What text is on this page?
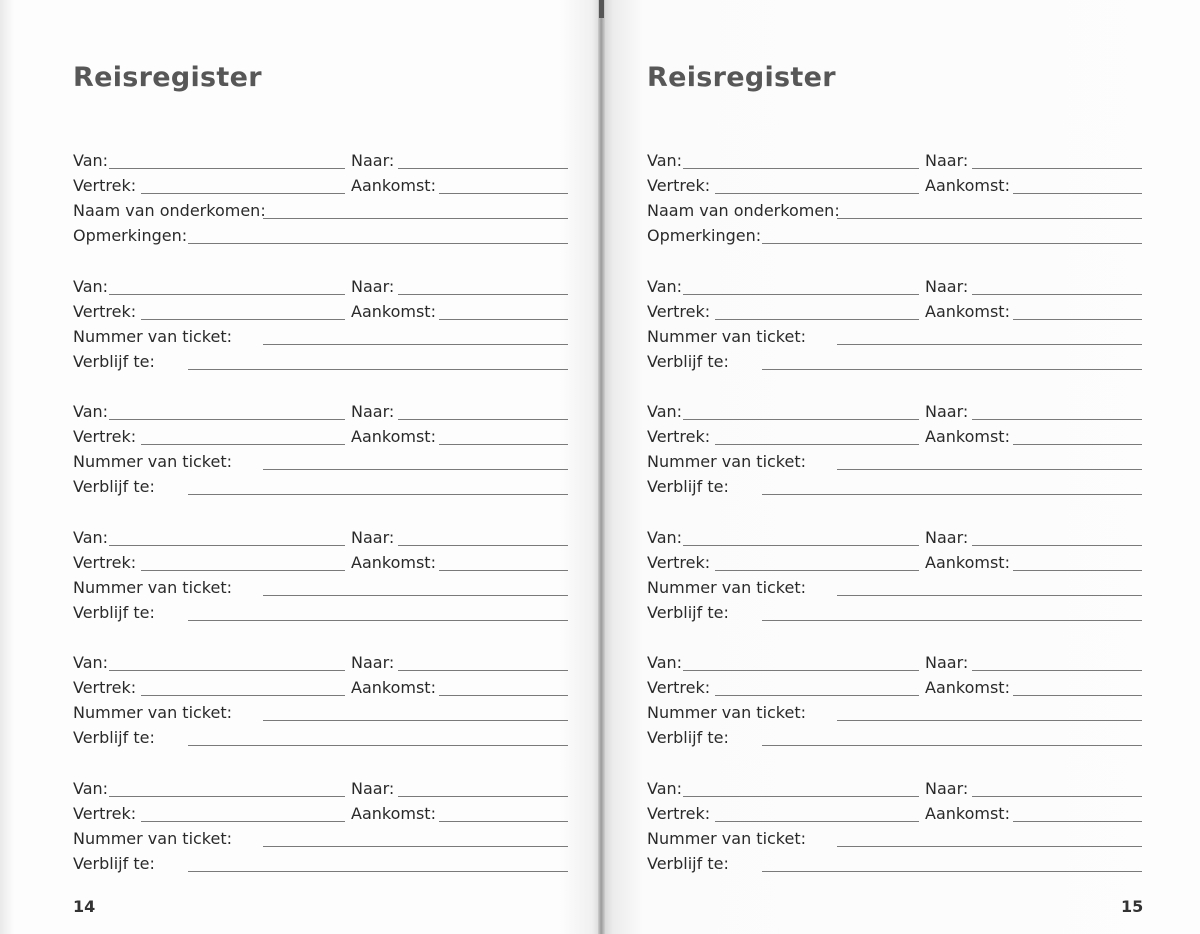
Reisregister
Van:	Naar:
Vertrek:	Aankomst:
Naam van onderkomen:
Opmerkingen:
Van:	Naar:
Vertrek:	Aankomst:
Nummer van ticket:
Verblijf te:
Van:	Naar:
Vertrek:	Aankomst:
Nummer van ticket:
Verblijf te:
Van:	Naar:
Vertrek:	Aankomst:
Nummer van ticket:
Verblijf te:
Van:	Naar:
Vertrek:	Aankomst:
Nummer van ticket:
Verblijf te:
Van:	Naar:
Vertrek:	Aankomst:
Nummer van ticket:
Verblijf te:
14
Reisregister
Van:	Naar:
Vertrek:	Aankomst:
Naam van onderkomen:
Opmerkingen:
Van:	Naar:
Vertrek:	Aankomst:
Nummer van ticket:
Verblijf te:
Van:	Naar:
Vertrek:	Aankomst:
Nummer van ticket:
Verblijf te:
Van:	Naar:
Vertrek:	Aankomst:
Nummer van ticket:
Verblijf te:
Van:	Naar:
Vertrek:	Aankomst:
Nummer van ticket:
Verblijf te:
Van:	Naar:
Vertrek:	Aankomst:
Nummer van ticket:
Verblijf te:
15
